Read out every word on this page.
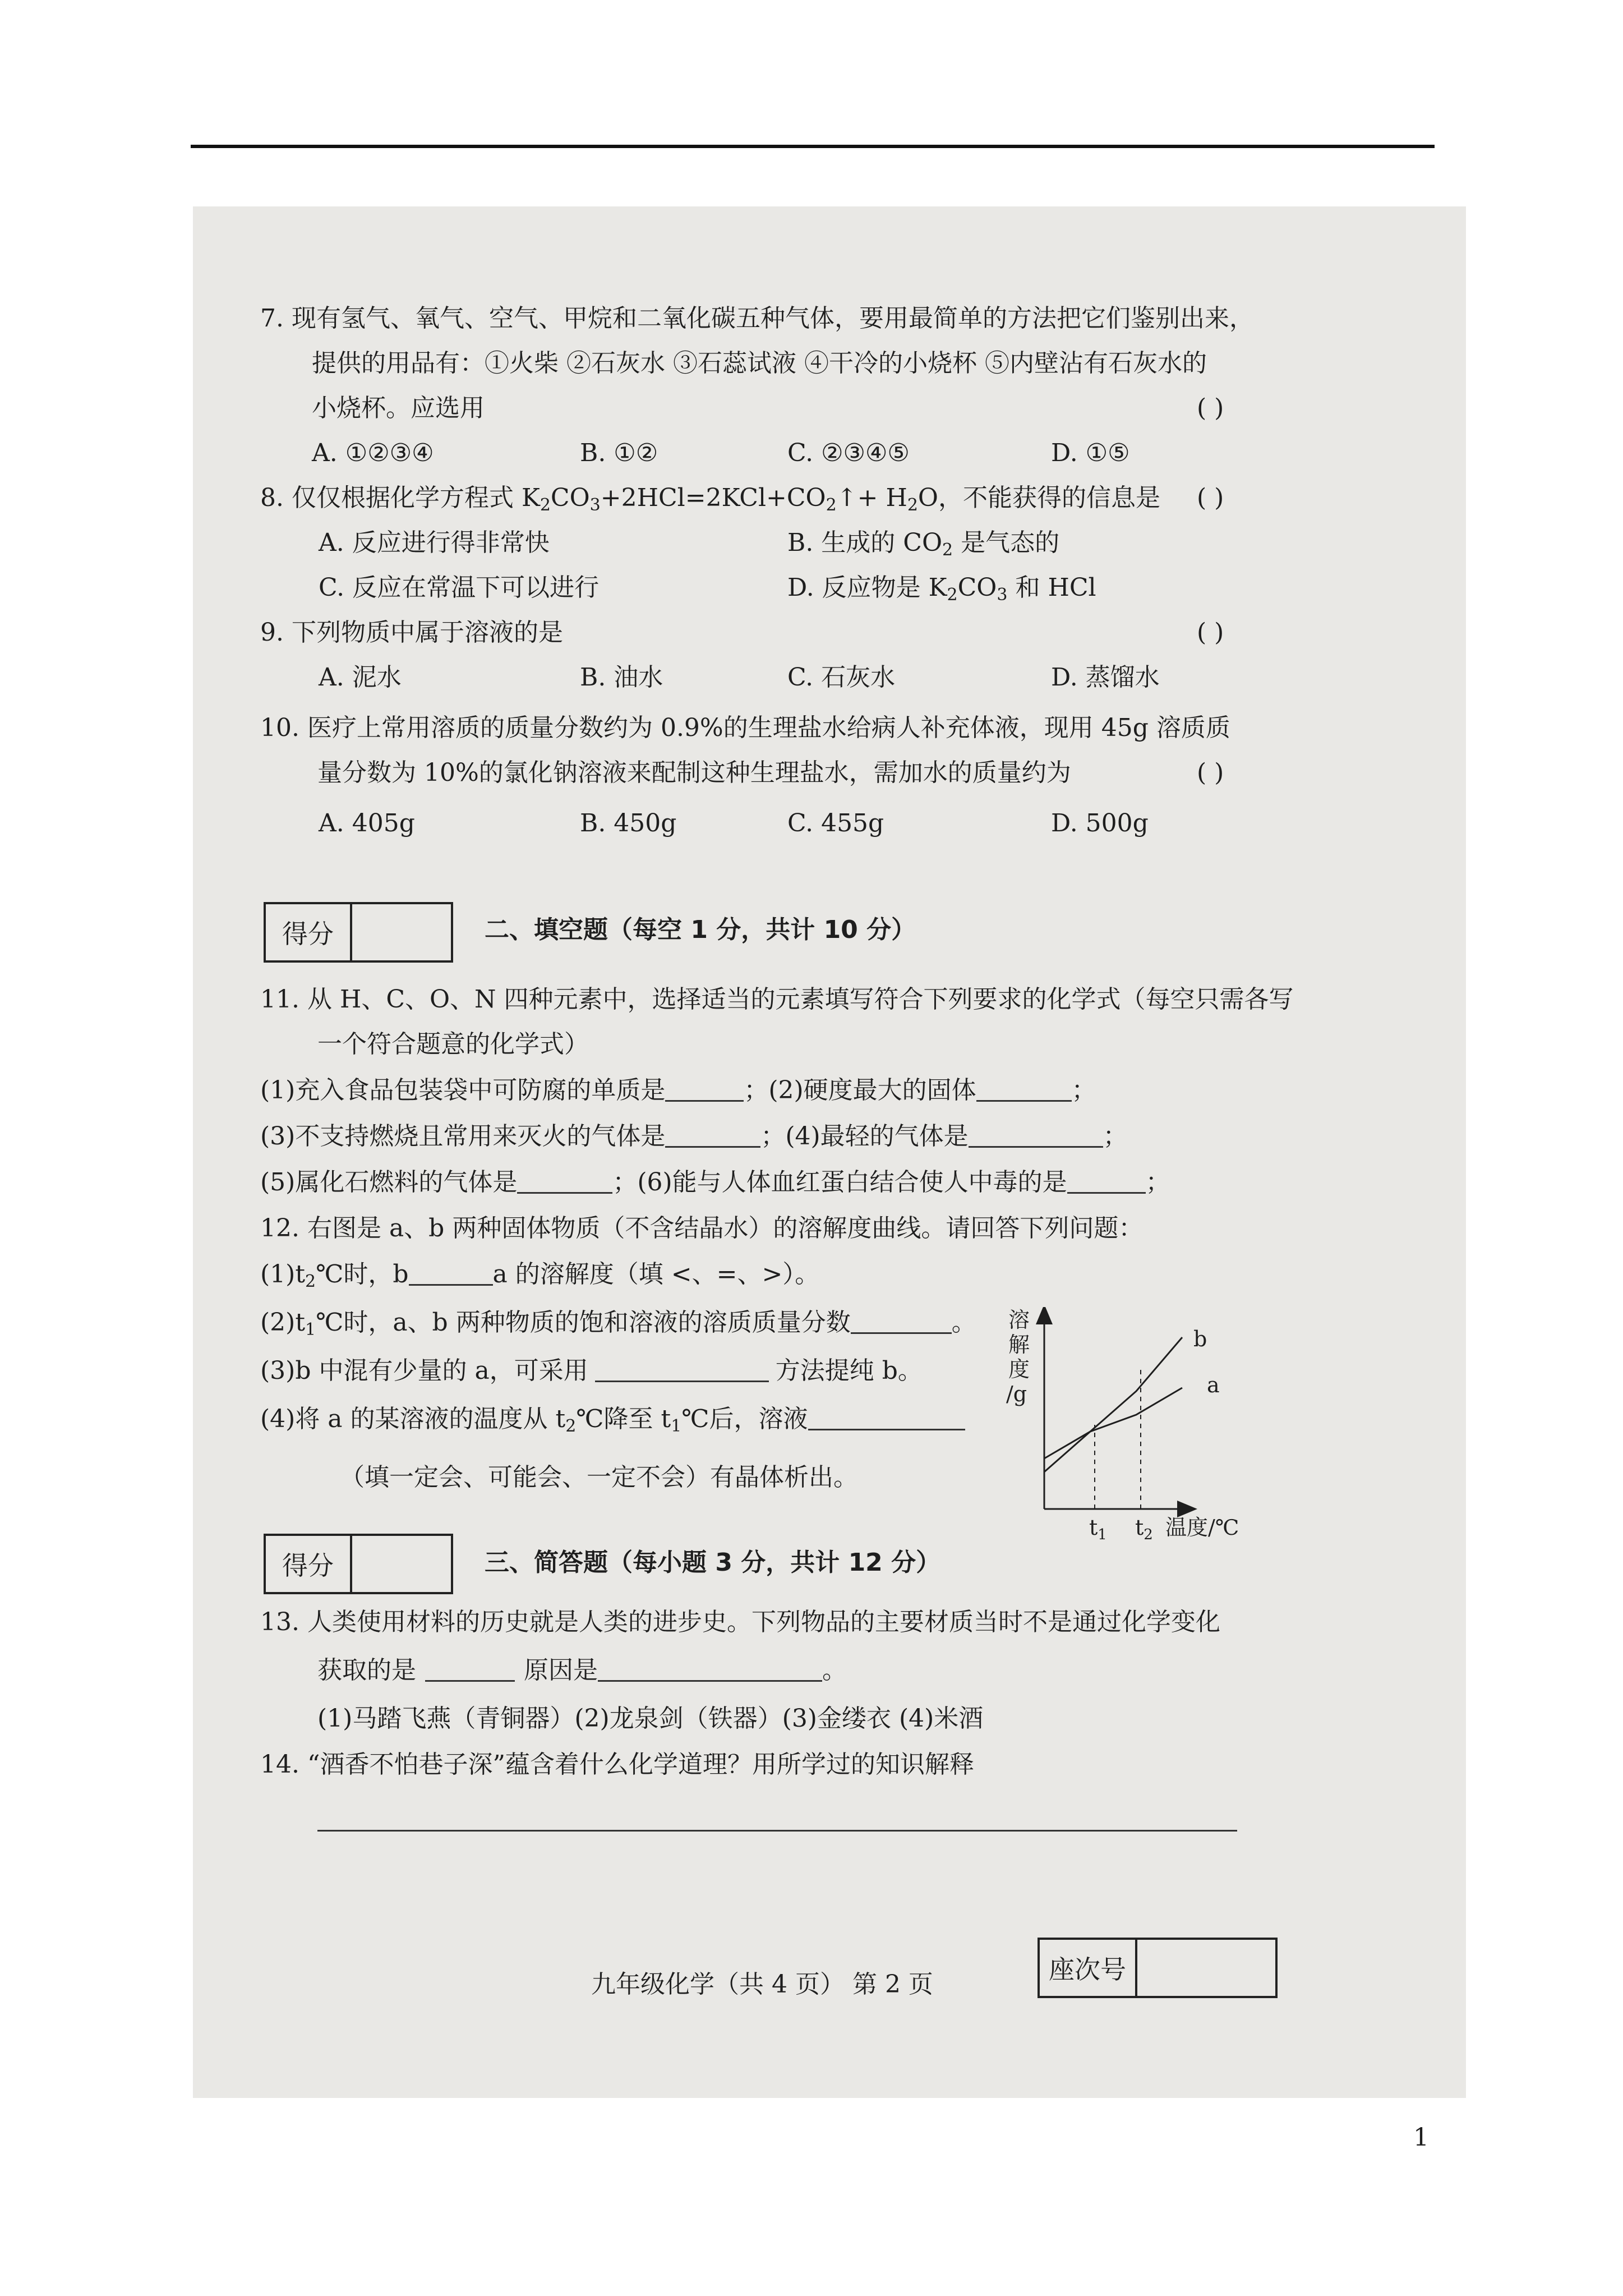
7. 现有氢气、氧气、空气、甲烷和二氧化碳五种气体，要用最简单的方法把它们鉴别出来，
提供的用品有：①火柴 ②石灰水 ③石蕊试液 ④干冷的小烧杯 ⑤内壁沾有石灰水的
小烧杯。应选用	( )
A. ①②③④	B. ①②	C. ②③④⑤	D. ①⑤
8. 仅仅根据化学方程式 $K_2CO_3+2HCl=2KCl+CO_2↑+ H_2O$，不能获得的信息是 ( )
A. 反应进行得非常快	B. 生成的 $CO_2$ 是气态的
C. 反应在常温下可以进行	D. 反应物是 $K_2CO_3$ 和 HCl
9. 下列物质中属于溶液的是	( )
A. 泥水	B. 油水	C. 石灰水	D. 蒸馏水
10. 医疗上常用溶质的质量分数约为 0.9%的生理盐水给病人补充体液，现用 45g 溶质质
量分数为 10%的氯化钠溶液来配制这种生理盐水，需加水的质量约为	( )
A. 405g	B. 450g	C. 455g	D. 500g
得分	二、填空题（每空 1 分，共计 10 分）
11. 从 H、C、O、N 四种元素中，选择适当的元素填写符合下列要求的化学式（每空只需各写
一个符合题意的化学式）
(1)充入食品包装袋中可防腐的单质是	；(2)硬度最大的固体	；
(3)不支持燃烧且常用来灭火的气体是	；(4)最轻的气体是	；
(5)属化石燃料的气体是	；(6)能与人体血红蛋白结合使人中毒的是	；
12. 右图是 a、b 两种固体物质（不含结晶水）的溶解度曲线。请回答下列问题：
$(1)t_2℃$时，b	a 的溶解度（填 <、=、>）。
$(2)t_1℃$时，a、b 两种物质的饱和溶液的溶质质量分数	。
(3)b 中混有少量的 a，可采用	方法提纯 b。
(4)将 a 的某溶液的温度从 $t_2℃$降至 $t_1℃$后，溶液
（填一定会、可能会、一定不会）有晶体析出。
得分	三、简答题（每小题 3 分，共计 12 分）
13. 人类使用材料的历史就是人类的进步史。下列物品的主要材质当时不是通过化学变化
获取的是	原因是	。
(1)马踏飞燕（青铜器）(2)龙泉剑（铁器）(3)金缕衣 (4)米酒
14. “酒香不怕巷子深”蕴含着什么化学道理？用所学过的知识解释
九年级化学（共 4 页） 第 2 页	座次号
溶
解
度
/g
b
a
$t_1$ $t_2$ 温度/℃
1
